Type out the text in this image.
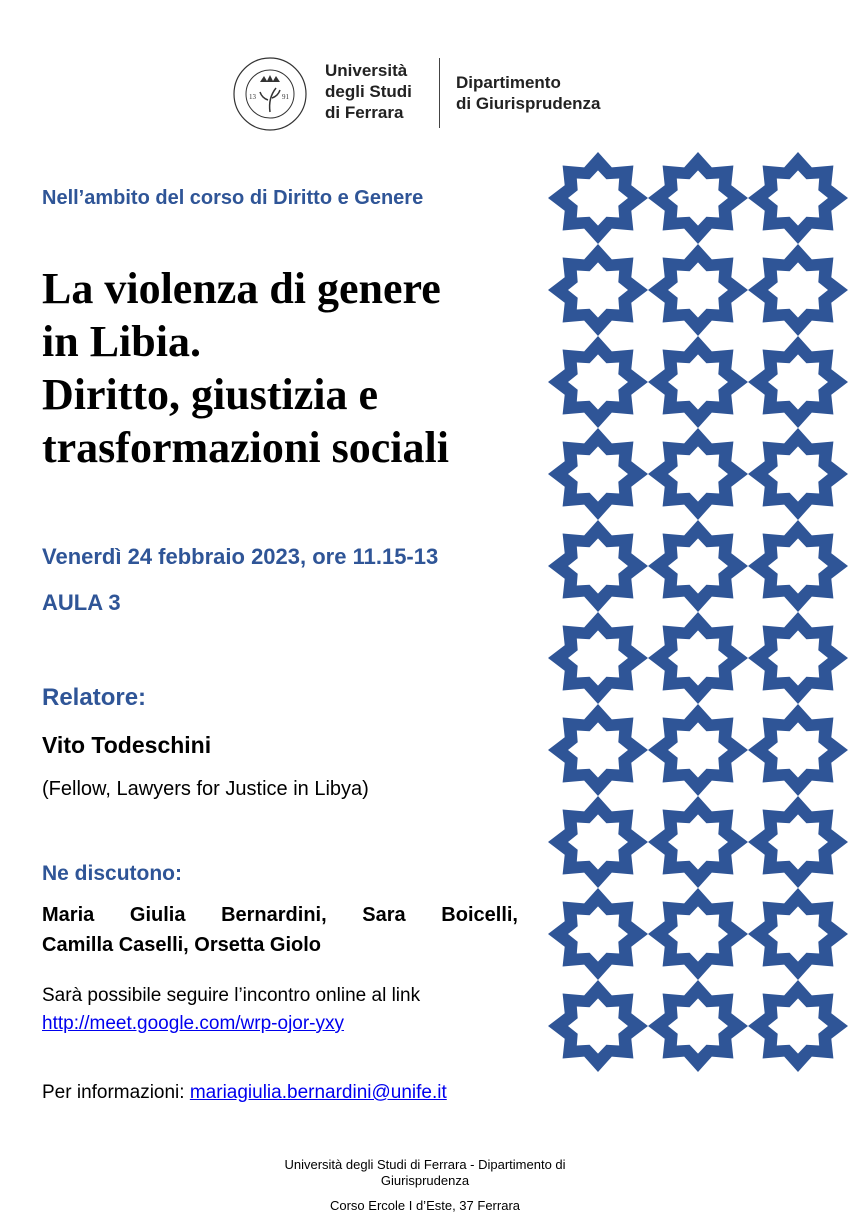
13	91
Università
degli Studi
di Ferrara
Dipartimento
di Giurisprudenza
Nell’ambito del corso di Diritto e Genere
La violenza di genere
in Libia.
Diritto, giustizia e
trasformazioni sociali
Venerdì 24 febbraio 2023, ore 11.15-13
AULA 3
Relatore:
Vito Todeschini
(Fellow, Lawyers for Justice in Libya)
Ne discutono:
Maria Giulia Bernardini, Sara Boicelli,
Camilla Caselli, Orsetta Giolo
Sarà possibile seguire l’incontro online al link
http://meet.google.com/wrp-ojor-yxy
Per informazioni: mariagiulia.bernardini@unife.it
Università degli Studi di Ferrara - Dipartimento di
Giurisprudenza
Corso Ercole I d’Este, 37 Ferrara
